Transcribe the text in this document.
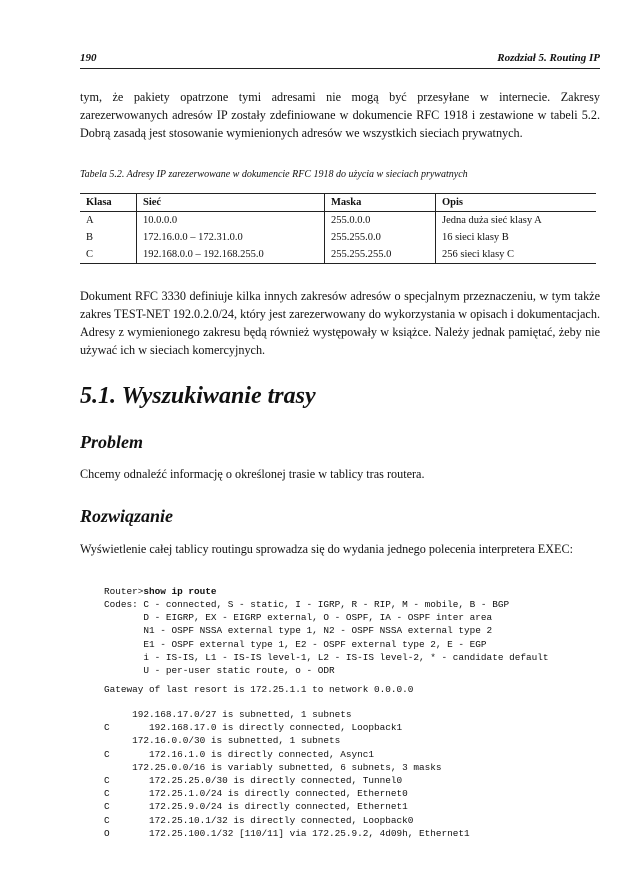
190	Rozdział 5. Routing IP

tym, że pakiety opatrzone tymi adresami nie mogą być przesyłane w internecie. Zakresy zarezerwowanych adresów IP zostały zdefiniowane w dokumencie RFC 1918 i zestawione w tabeli 5.2. Dobrą zasadą jest stosowanie wymienionych adresów we wszystkich sieciach prywatnych.

Tabela 5.2. Adresy IP zarezerwowane w dokumencie RFC 1918 do użycia w sieciach prywatnych

Klasa	Sieć	Maska	Opis
A	10.0.0.0	255.0.0.0	Jedna duża sieć klasy A
B	172.16.0.0 – 172.31.0.0	255.255.0.0	16 sieci klasy B
C	192.168.0.0 – 192.168.255.0	255.255.255.0	256 sieci klasy C

Dokument RFC 3330 definiuje kilka innych zakresów adresów o specjalnym przeznaczeniu, w tym także zakres TEST-NET 192.0.2.0/24, który jest zarezerwowany do wykorzystania w opisach i dokumentacjach. Adresy z wymienionego zakresu będą również występowały w książce. Należy jednak pamiętać, żeby nie używać ich w sieciach komercyjnych.

5.1. Wyszukiwanie trasy
Problem

Chcemy odnaleźć informację o określonej trasie w tablicy tras routera.

Rozwiązanie

Wyświetlenie całej tablicy routingu sprowadza się do wydania jednego polecenia interpretera EXEC:

Router>show ip route
Codes: C - connected, S - static, I - IGRP, R - RIP, M - mobile, B - BGP
D - EIGRP, EX - EIGRP external, O - OSPF, IA - OSPF inter area
N1 - OSPF NSSA external type 1, N2 - OSPF NSSA external type 2
E1 - OSPF external type 1, E2 - OSPF external type 2, E - EGP
i - IS-IS, L1 - IS-IS level-1, L2 - IS-IS level-2, * - candidate default
U - per-user static route, o - ODR
Gateway of last resort is 172.25.1.1 to network 0.0.0.0
192.168.17.0/27 is subnetted, 1 subnets
C       192.168.17.0 is directly connected, Loopback1
172.16.0.0/30 is subnetted, 1 subnets
C       172.16.1.0 is directly connected, Async1
172.25.0.0/16 is variably subnetted, 6 subnets, 3 masks
C       172.25.25.0/30 is directly connected, Tunnel0
C       172.25.1.0/24 is directly connected, Ethernet0
C       172.25.9.0/24 is directly connected, Ethernet1
C       172.25.10.1/32 is directly connected, Loopback0
O       172.25.100.1/32 [110/11] via 172.25.9.2, 4d09h, Ethernet1
